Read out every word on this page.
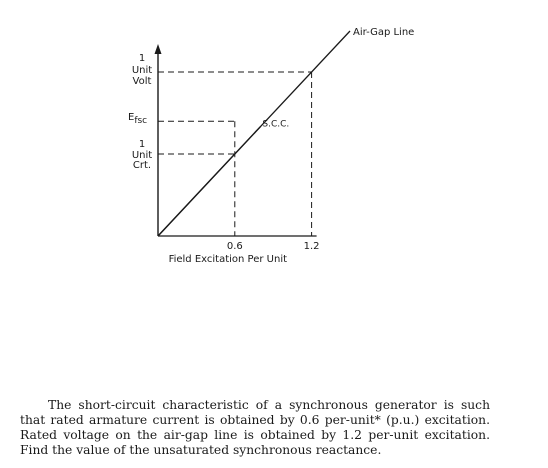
1
Unit
Volt
Efsc
1
Unit
Crt.
0.6	1.2
Field Excitation Per Unit
S.C.C.
Air-Gap Line

The short-circuit characteristic of a synchronous generator is such that rated armature current is obtained by 0.6 per-unit* (p.u.) excitation. Rated voltage on the air-gap line is obtained by 1.2 per-unit excitation. Find the value of the unsaturated synchronous reactance.
